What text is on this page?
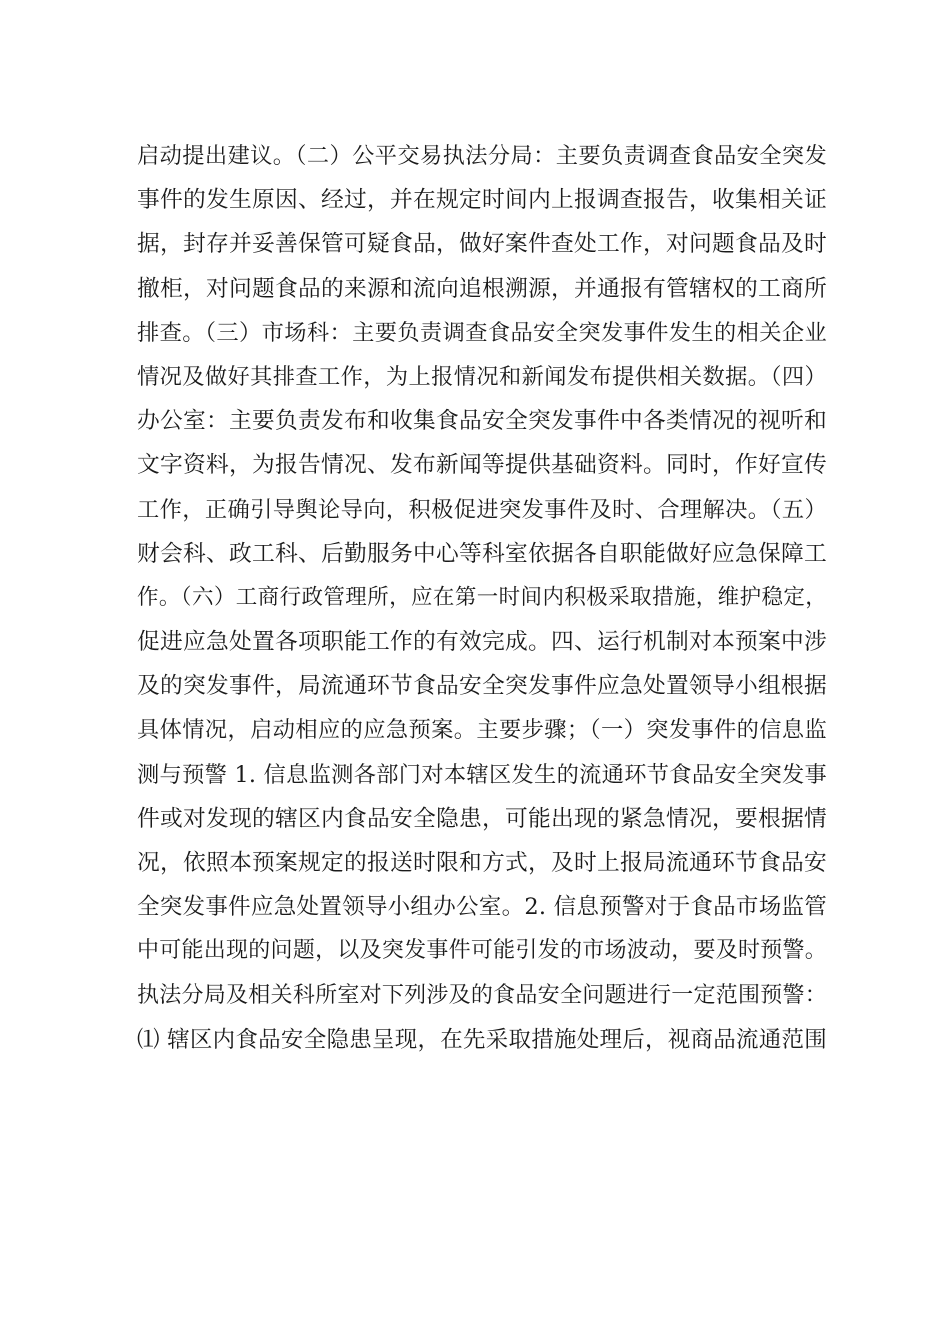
启动提出建议。（二）公平交易执法分局：主要负责调查食品安全突发
事件的发生原因、经过，并在规定时间内上报调查报告，收集相关证
据，封存并妥善保管可疑食品，做好案件查处工作，对问题食品及时
撤柜，对问题食品的来源和流向追根溯源，并通报有管辖权的工商所
排查。（三）市场科：主要负责调查食品安全突发事件发生的相关企业
情况及做好其排查工作，为上报情况和新闻发布提供相关数据。（四）
办公室：主要负责发布和收集食品安全突发事件中各类情况的视听和
文字资料，为报告情况、发布新闻等提供基础资料。同时，作好宣传
工作，正确引导舆论导向，积极促进突发事件及时、合理解决。（五）
财会科、政工科、后勤服务中心等科室依据各自职能做好应急保障工
作。（六）工商行政管理所，应在第一时间内积极采取措施，维护稳定，
促进应急处置各项职能工作的有效完成。四、运行机制对本预案中涉
及的突发事件，局流通环节食品安全突发事件应急处置领导小组根据
具体情况，启动相应的应急预案。主要步骤；（一）突发事件的信息监
测与预警 1. 信息监测各部门对本辖区发生的流通环节食品安全突发事
件或对发现的辖区内食品安全隐患，可能出现的紧急情况，要根据情
况，依照本预案规定的报送时限和方式，及时上报局流通环节食品安
全突发事件应急处置领导小组办公室。2. 信息预警对于食品市场监管
中可能出现的问题，以及突发事件可能引发的市场波动，要及时预警。
执法分局及相关科所室对下列涉及的食品安全问题进行一定范围预警：
⑴ 辖区内食品安全隐患呈现，在先采取措施处理后，视商品流通范围
